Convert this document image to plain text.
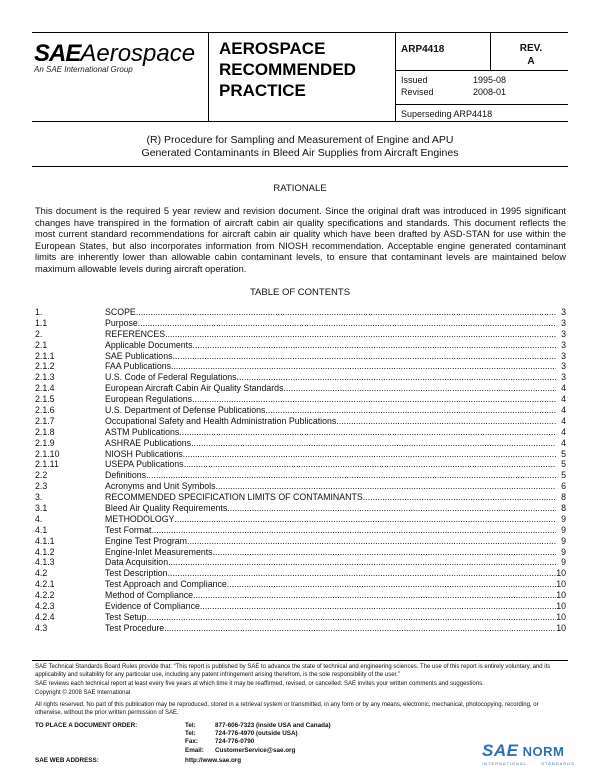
SAEAerospace
An SAE International Group
AEROSPACE
RECOMMENDED
PRACTICE
ARP4418	REV.
A
Issued	1995-08
Revised	2008-01
Superseding ARP4418
(R) Procedure for Sampling and Measurement of Engine and APU
Generated Contaminants in Bleed Air Supplies from Aircraft Engines
RATIONALE
This document is the required 5 year review and revision document. Since the original draft was introduced in 1995 significant changes have transpired in the formation of aircraft cabin air quality specifications and standards. This document reflects the most current standard recommendations for aircraft cabin air quality which have been drafted by ASD-STAN for use within the European States, but also incorporates information from NIOSH recommendation. Acceptable engine generated contaminant limits are inherently lower than allowable cabin contaminant levels, to ensure that contaminant levels are maintained below maximum allowable levels during aircraft operation.
TABLE OF CONTENTS
1.	SCOPE .....	3
1.1	Purpose .....	3
2.	REFERENCES .....	3
2.1	Applicable Documents .....	3
2.1.1	SAE Publications .....	3
2.1.2	FAA Publications .....	3
2.1.3	U.S. Code of Federal Regulations .....	3
2.1.4	European Aircraft Cabin Air Quality Standards .....	4
2.1.5	European Regulations .....	4
2.1.6	U.S. Department of Defense Publications .....	4
2.1.7	Occupational Safety and Health Administration Publications .....	4
2.1.8	ASTM Publications .....	4
2.1.9	ASHRAE Publications .....	4
2.1.10	NIOSH Publications .....	5
2.1.11	USEPA Publications .....	5
2.2	Definitions .....	5
2.3	Acronyms and Unit Symbols .....	6
3.	RECOMMENDED SPECIFICATION LIMITS OF CONTAMINANTS .....	8
3.1	Bleed Air Quality Requirements .....	8
4.	METHODOLOGY .....	9
4.1	Test Format .....	9
4.1.1	Engine Test Program .....	9
4.1.2	Engine-Inlet Measurements .....	9
4.1.3	Data Acquisition .....	9
4.2	Test Description .....	10
4.2.1	Test Approach and Compliance .....	10
4.2.2	Method of Compliance .....	10
4.2.3	Evidence of Compliance .....	10
4.2.4	Test Setup .....	10
4.3	Test Procedure .....	10
SAE Technical Standards Board Rules provide that: “This report is published by SAE to advance the state of technical and engineering sciences. The use of this report is entirely voluntary, and its applicability and suitability for any particular use, including any patent infringement arising therefrom, is the sole responsibility of the user.”
SAE reviews each technical report at least every five years at which time it may be reaffirmed, revised, or cancelled. SAE invites your written comments and suggestions.
Copyright © 2008 SAE International
All rights reserved. No part of this publication may be reproduced, stored in a retrieval system or transmitted, in any form or by any means, electronic, mechanical, photocopying, recording, or otherwise, without the prior written permission of SAE.
TO PLACE A DOCUMENT ORDER:	Tel:	877-606-7323 (inside USA and Canada)
Tel:	724-776-4970 (outside USA)
Fax:	724-776-0790
Email: CustomerService@sae.org
SAE WEB ADDRESS:	http://www.sae.org
SAE NORM
INTERNATIONAL	STANDARDS
